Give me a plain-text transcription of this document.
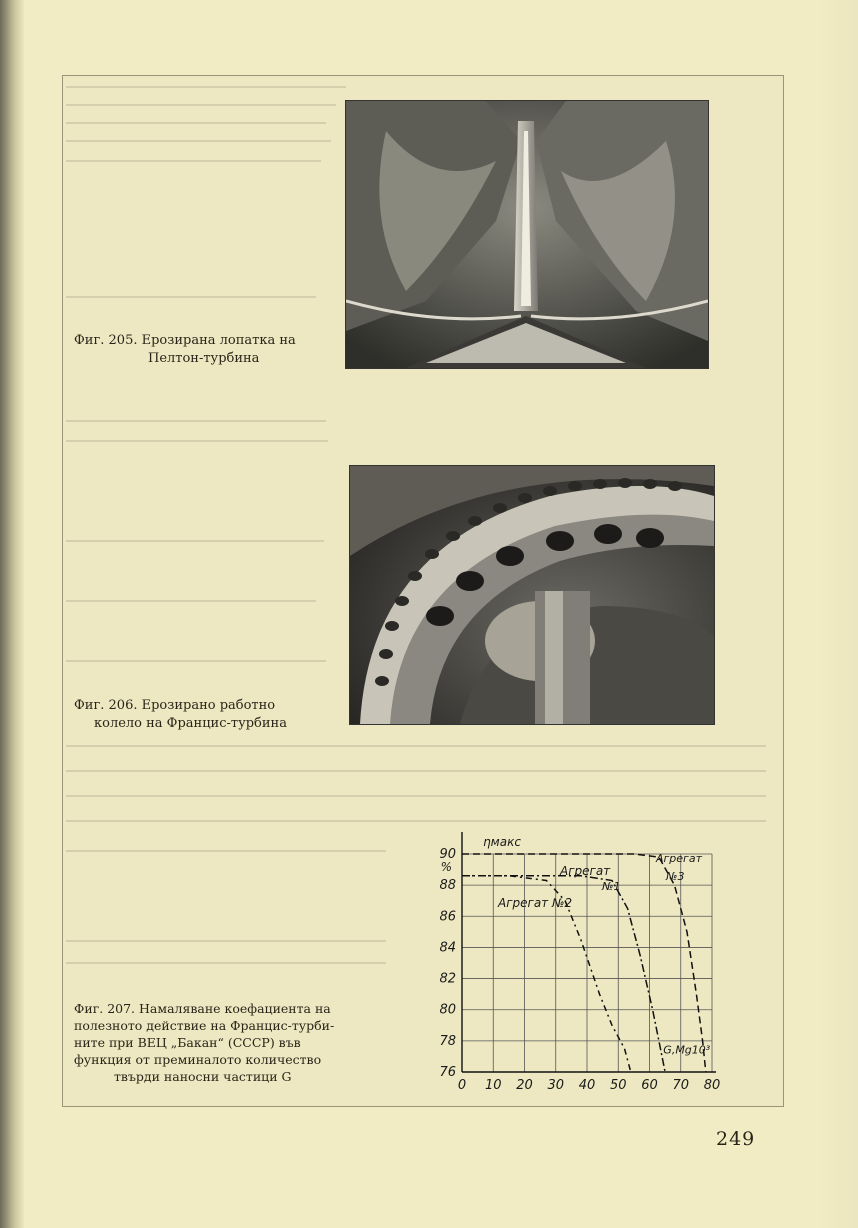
Фиг. 205. Ерозирана лопатка на
Пелтон-турбина
Фиг. 206. Ерозирано работно
колело на Францис-турбина
0 10 20 30 40 50 60 70 80
76
78
80
82
84
86
88
90
%
ηмакс
G,Mg10³
Агрегат
№1
Агрегат №2
Агрегат
№3
Фиг. 207. Намаляване коефациента на
полезното действие на Францис-турби-
ните при ВЕЦ „Бакан“ (СССР) във
функция от преминалото количество
твърди наносни частици G
249
